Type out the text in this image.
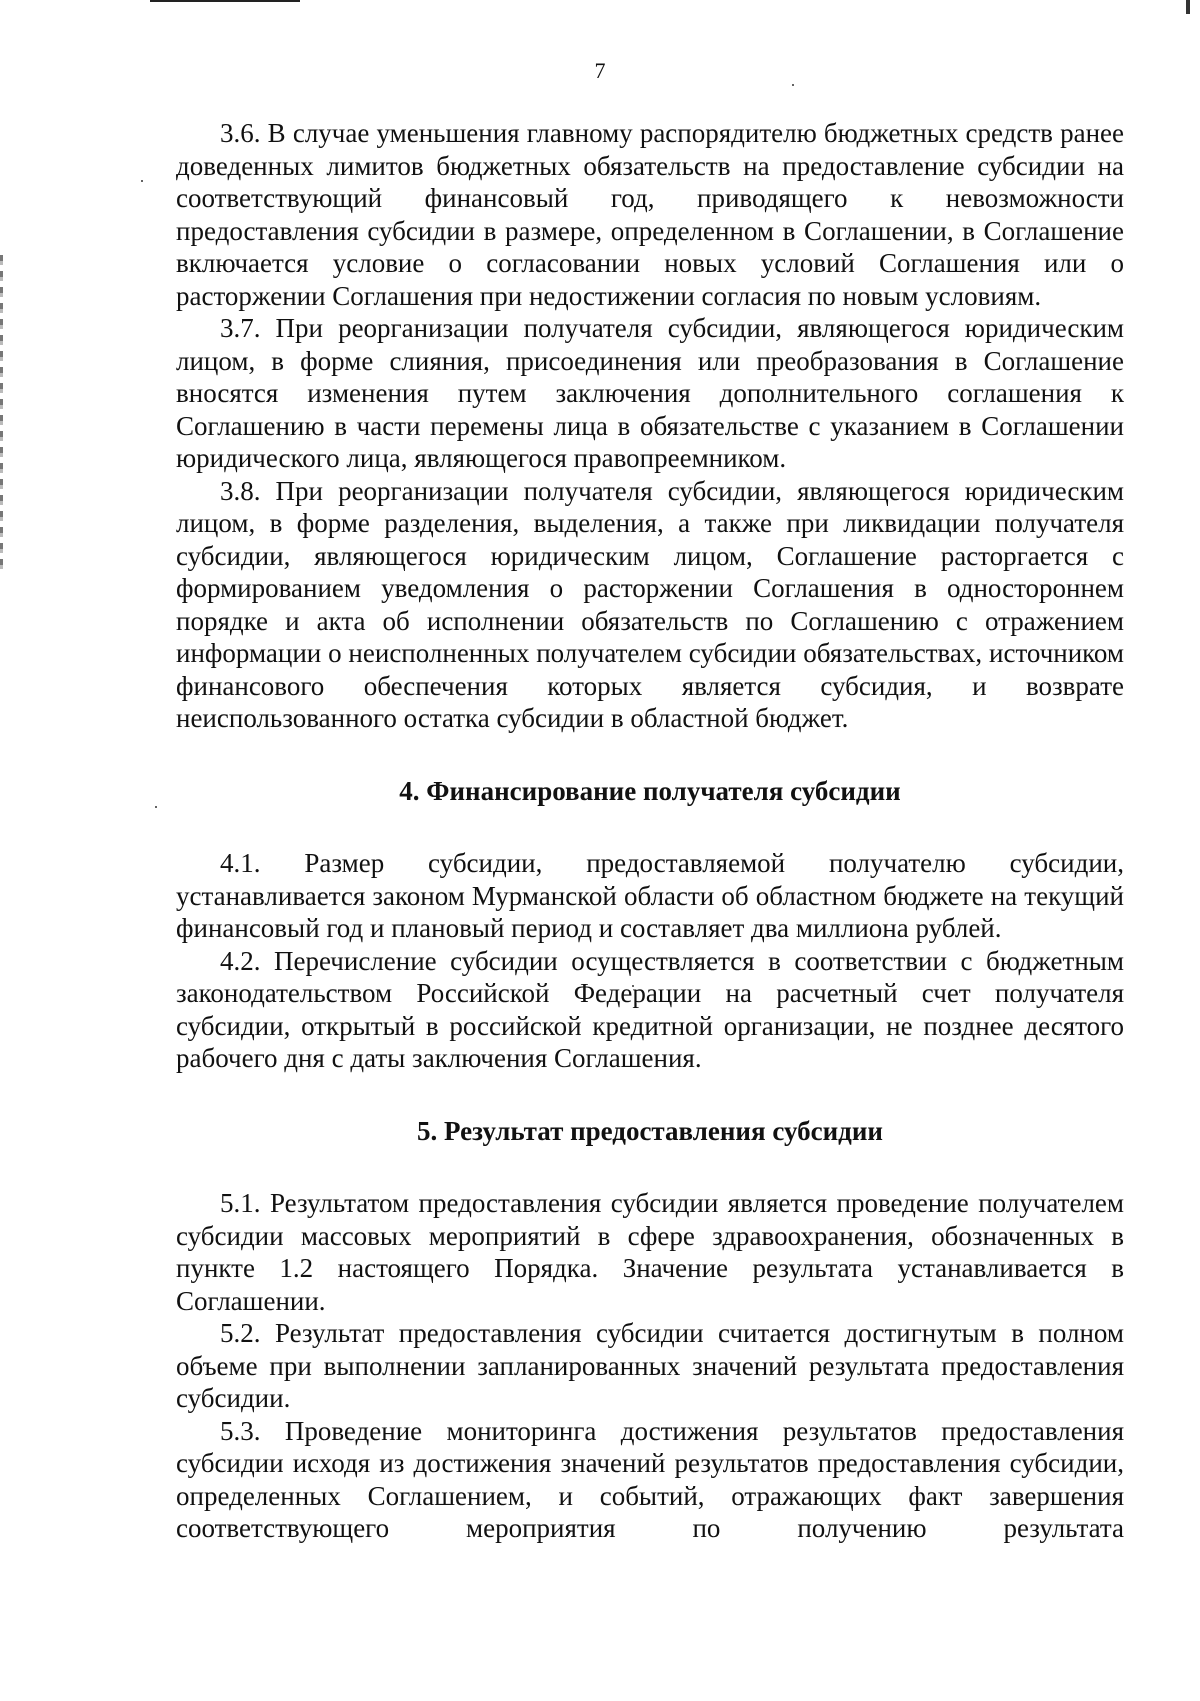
7

3.6. В случае уменьшения главному распорядителю бюджетных средств ранее доведенных лимитов бюджетных обязательств на предоставление субсидии на соответствующий финансовый год, приводящего к невозможности предоставления субсидии в размере, определенном в Соглашении, в Соглашение включается условие о согласовании новых условий Соглашения или о расторжении Соглашения при недостижении согласия по новым условиям.

3.7. При реорганизации получателя субсидии, являющегося юридическим лицом, в форме слияния, присоединения или преобразования в Соглашение вносятся изменения путем заключения дополнительного соглашения к Соглашению в части перемены лица в обязательстве с указанием в Соглашении юридического лица, являющегося правопреемником.

3.8. При реорганизации получателя субсидии, являющегося юридическим лицом, в форме разделения, выделения, а также при ликвидации получателя субсидии, являющегося юридическим лицом, Соглашение расторгается с формированием уведомления о расторжении Соглашения в одностороннем порядке и акта об исполнении обязательств по Соглашению с отражением информации о неисполненных получателем субсидии обязательствах, источником финансового обеспечения которых является субсидия, и возврате неиспользованного остатка субсидии в областной бюджет.

4. Финансирование получателя субсидии

4.1. Размер субсидии, предоставляемой получателю субсидии, устанавливается законом Мурманской области об областном бюджете на текущий финансовый год и плановый период и составляет два миллиона рублей.

4.2. Перечисление субсидии осуществляется в соответствии с бюджетным законодательством Российской Федерации на расчетный счет получателя субсидии, открытый в российской кредитной организации, не позднее десятого рабочего дня с даты заключения Соглашения.

5. Результат предоставления субсидии

5.1. Результатом предоставления субсидии является проведение получателем субсидии массовых мероприятий в сфере здравоохранения, обозначенных в пункте 1.2 настоящего Порядка. Значение результата устанавливается в Соглашении.

5.2. Результат предоставления субсидии считается достигнутым в полном объеме при выполнении запланированных значений результата предоставления субсидии.

5.3. Проведение мониторинга достижения результатов предоставления субсидии исходя из достижения значений результатов предоставления субсидии, определенных Соглашением, и событий, отражающих факт завершения соответствующего мероприятия по получению результата
